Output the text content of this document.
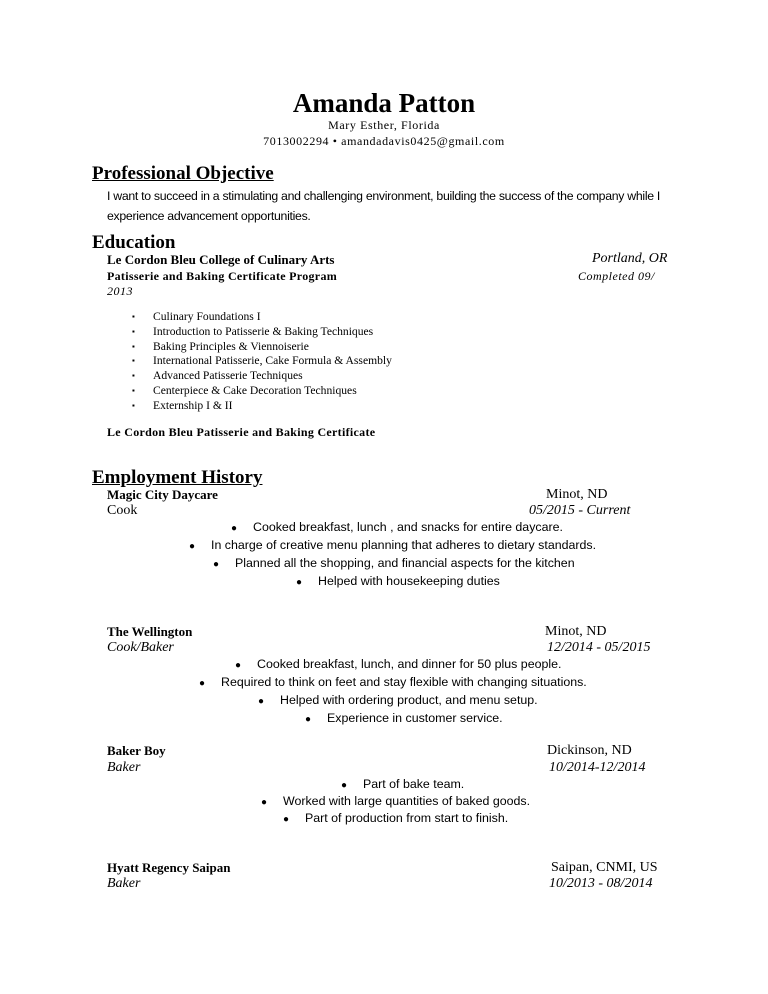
Amanda Patton
Mary Esther, Florida
7013002294 • amandadavis0425@gmail.com
Professional Objective
I want to succeed in a stimulating and challenging environment, building the success of the company while I experience advancement opportunities.
Education
Le Cordon Bleu College of Culinary Arts	Portland, OR
Patisserie and Baking Certificate Program	Completed 09/
2013
▪ Culinary Foundations I
▪ Introduction to Patisserie & Baking Techniques
▪ Baking Principles & Viennoiserie
▪ International Patisserie, Cake Formula & Assembly
▪ Advanced Patisserie Techniques
▪ Centerpiece & Cake Decoration Techniques
▪ Externship I & II
Le Cordon Bleu Patisserie and Baking Certificate
Employment History
Magic City Daycare	Minot, ND
Cook	05/2015 - Current
● Cooked breakfast, lunch , and snacks for entire daycare.
● In charge of creative menu planning that adheres to dietary standards.
● Planned all the shopping, and financial aspects for the kitchen
● Helped with housekeeping duties
The Wellington	Minot, ND
Cook/Baker	12/2014 - 05/2015
● Cooked breakfast, lunch, and dinner for 50 plus people.
● Required to think on feet and stay flexible with changing situations.
● Helped with ordering product, and menu setup.
● Experience in customer service.
Baker Boy	Dickinson, ND
Baker	10/2014-12/2014
● Part of bake team.
● Worked with large quantities of baked goods.
● Part of production from start to finish.
Hyatt Regency Saipan	Saipan, CNMI, US
Baker	10/2013 - 08/2014
